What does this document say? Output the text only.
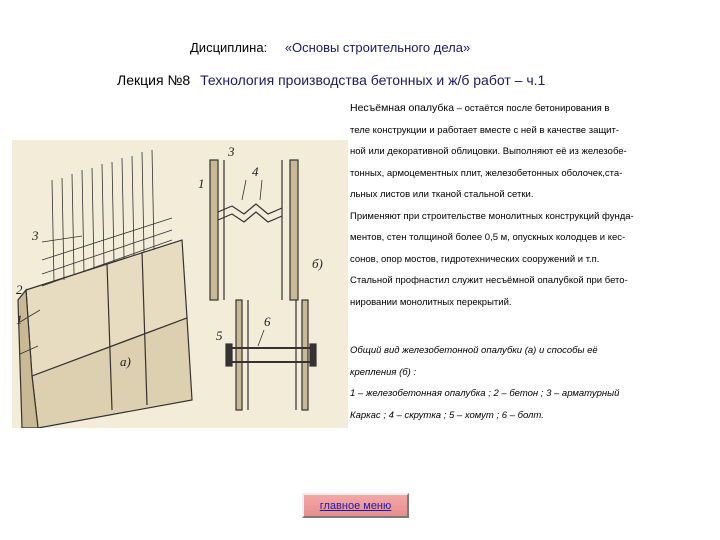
Дисциплина: «Основы строительного дела»
Лекция №8 Технология производства бетонных и ж/б работ – ч.1
1
2
3
3
4
1
5
6
а)
б)

Несъёмная опалубка – остаётся после бетонирования в

теле конструкции и работает вместе с ней в качестве защит-

ной или декоративной облицовки. Выполняют её из железобе-

тонных, армоцементных плит, железобетонных оболочек,ста-

льных листов или тканой стальной сетки.

Применяют при строительстве монолитных конструкций фунда-

ментов, стен толщиной более 0,5 м, опускных колодцев и кес-

сонов, опор мостов, гидротехнических сооружений и т.п.

Стальной профнастил служит несъёмной опалубкой при бето-

нировании монолитных перекрытий.

Общий вид железобетонной опалубки (а) и способы её

крепления (б) :

1 – железобетонная опалубка ; 2 – бетон ; 3 – арматурный

Каркас ; 4 – скрутка ; 5 – хомут ; 6 – болт.

главное меню
